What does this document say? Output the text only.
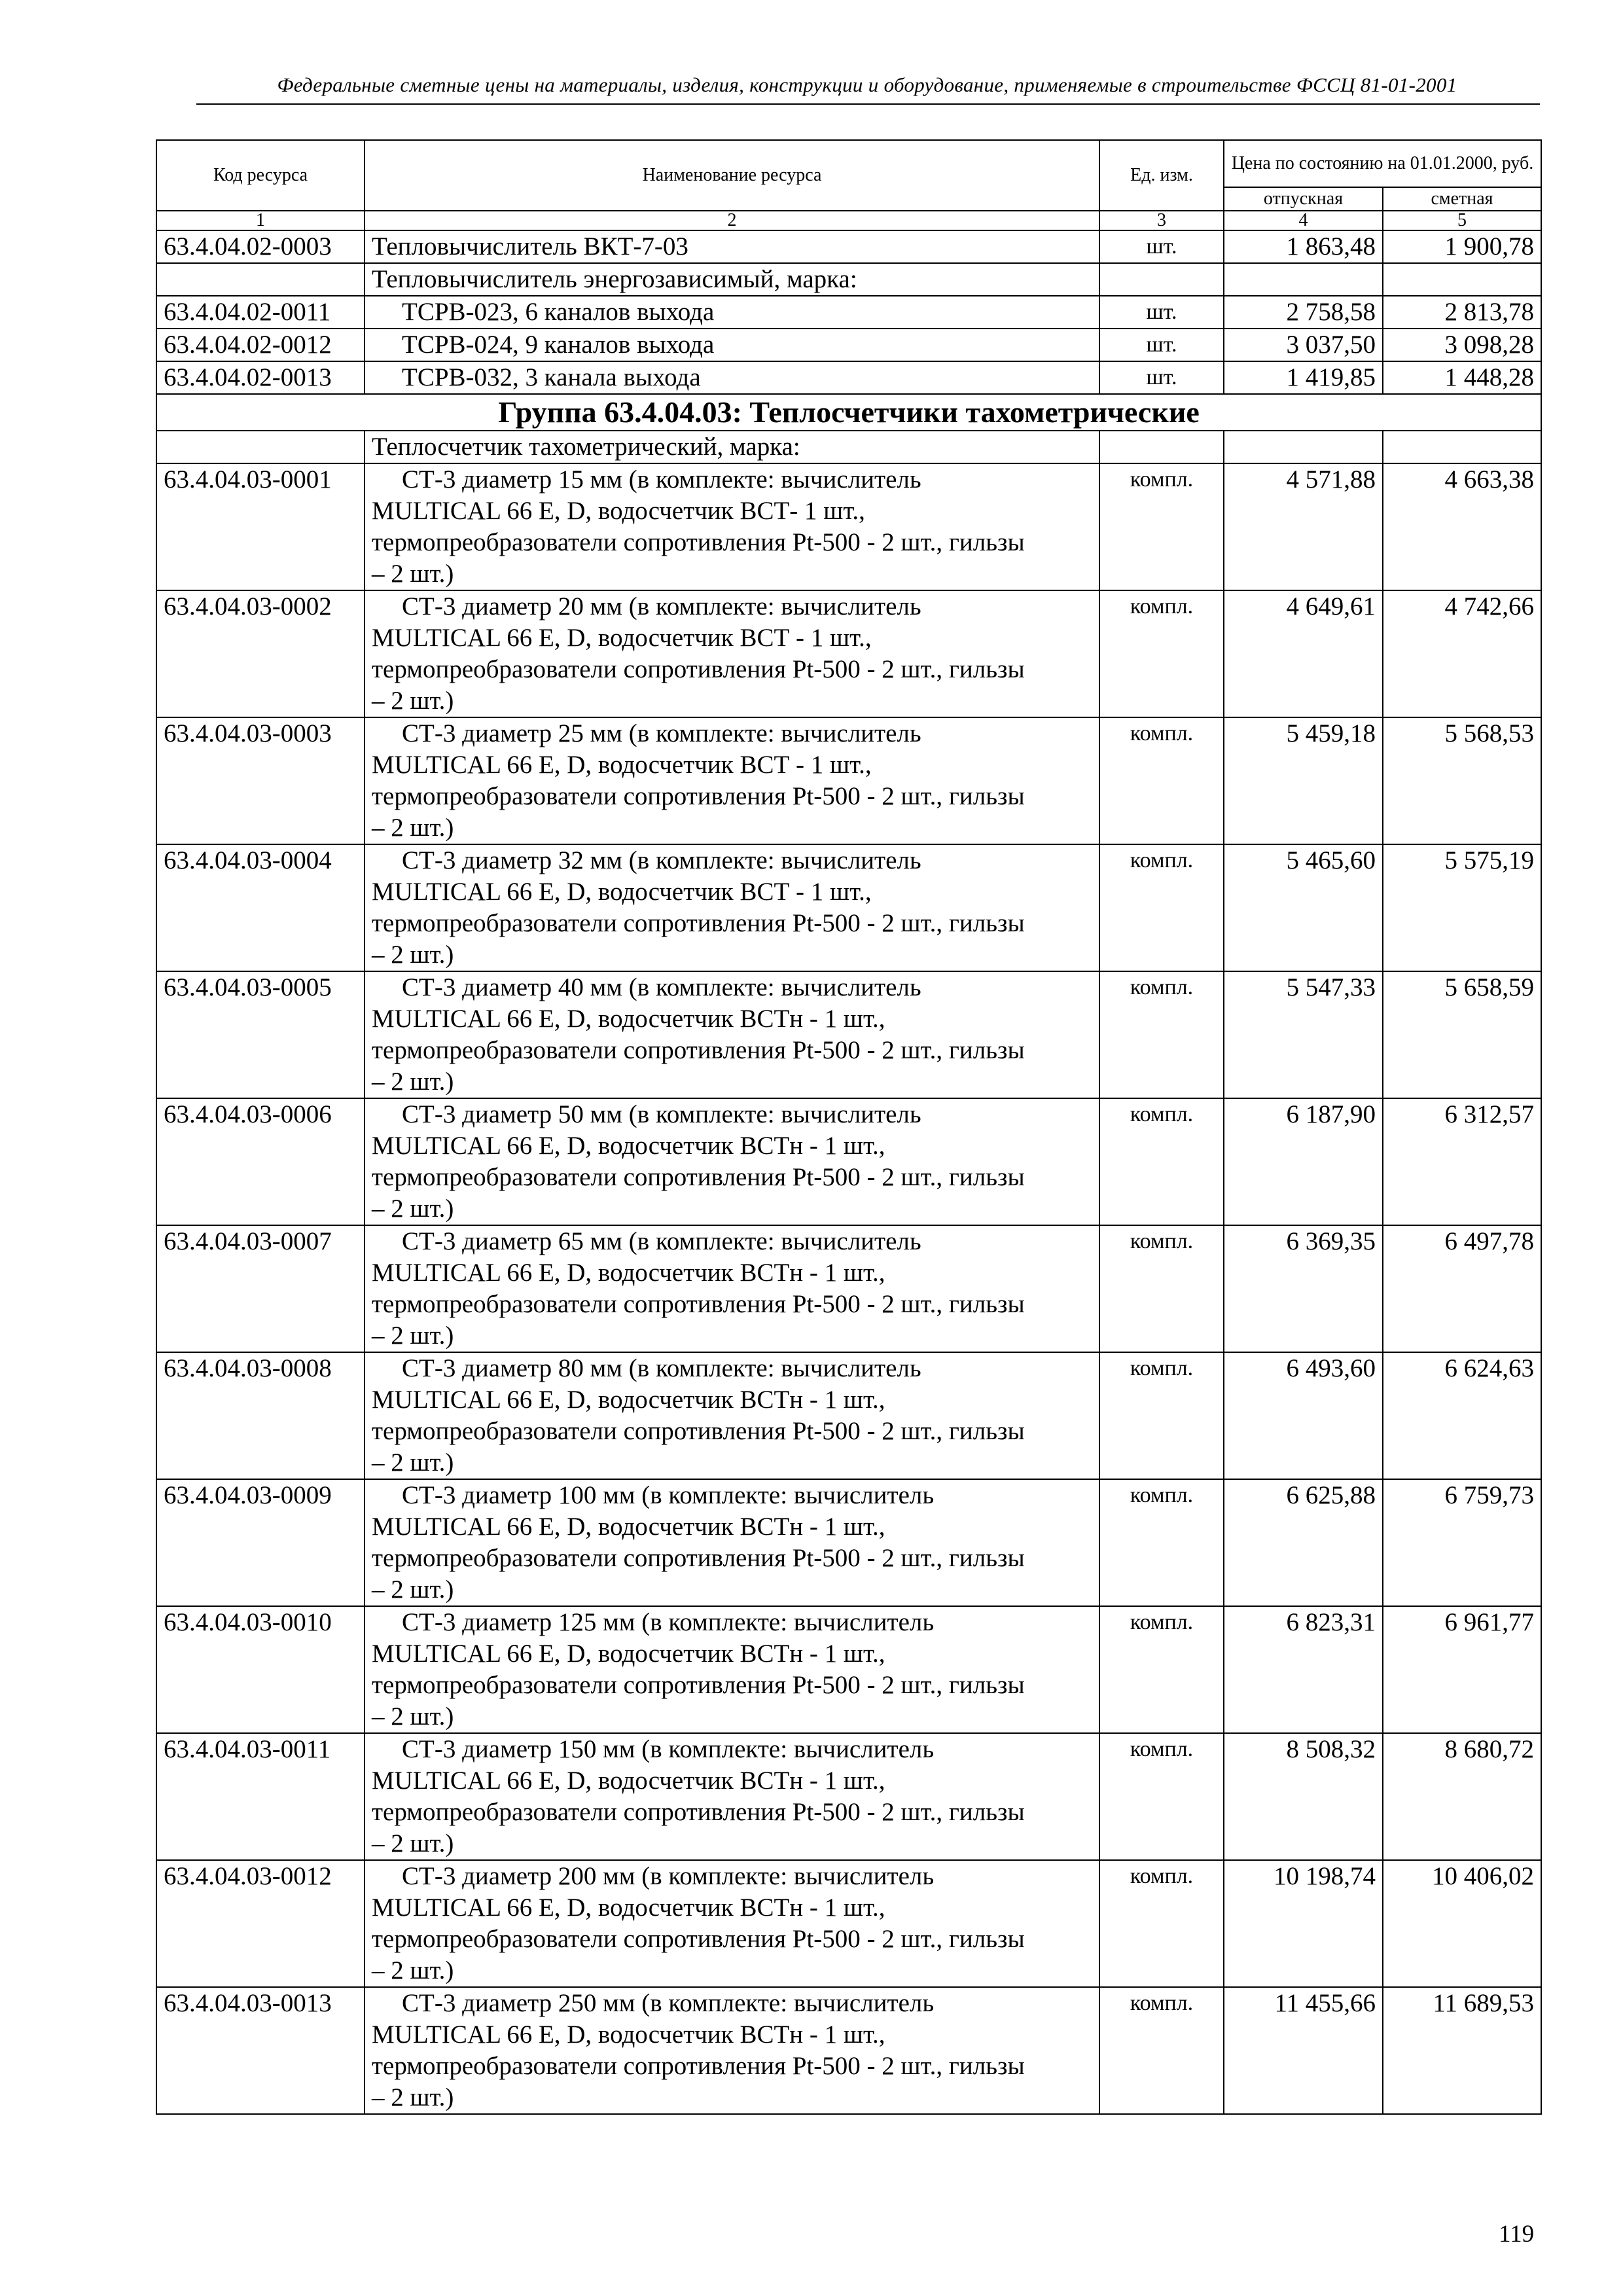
Федеральные сметные цены на материалы, изделия, конструкции и оборудование, применяемые в строительстве ФССЦ 81-01-2001
Код ресурса	Наименование ресурса	Ед. изм.	Цена по состоянию на 01.01.2000, руб.	
			отпускная	сметная
1	2	3	4	5
63.4.04.02-0003	Тепловычислитель ВКТ-7-03	шт.	1 863,48	1 900,78
	Тепловычислитель энергозависимый, марка:			
63.4.04.02-0011	ТСРВ-023, 6 каналов выхода	шт.	2 758,58	2 813,78
63.4.04.02-0012	ТСРВ-024, 9 каналов выхода	шт.	3 037,50	3 098,28
63.4.04.02-0013	ТСРВ-032, 3 канала выхода	шт.	1 419,85	1 448,28
Группа 63.4.04.03: Теплосчетчики тахометрические				
	Теплосчетчик тахометрический, марка:			
63.4.04.03-0001	СТ-3 диаметр 15 мм (в комплекте: вычислитель
MULTICAL 66 E, D, водосчетчик ВСТ- 1 шт.,
термопреобразователи сопротивления Pt-500 - 2 шт., гильзы
– 2 шт.)	компл.	4 571,88	4 663,38
63.4.04.03-0002	СТ-3 диаметр 20 мм (в комплекте: вычислитель
MULTICAL 66 E, D, водосчетчик ВСТ - 1 шт.,
термопреобразователи сопротивления Pt-500 - 2 шт., гильзы
– 2 шт.)	компл.	4 649,61	4 742,66
63.4.04.03-0003	СТ-3 диаметр 25 мм (в комплекте: вычислитель
MULTICAL 66 E, D, водосчетчик ВСТ - 1 шт.,
термопреобразователи сопротивления Pt-500 - 2 шт., гильзы
– 2 шт.)	компл.	5 459,18	5 568,53
63.4.04.03-0004	СТ-3 диаметр 32 мм (в комплекте: вычислитель
MULTICAL 66 E, D, водосчетчик ВСТ - 1 шт.,
термопреобразователи сопротивления Pt-500 - 2 шт., гильзы
– 2 шт.)	компл.	5 465,60	5 575,19
63.4.04.03-0005	СТ-3 диаметр 40 мм (в комплекте: вычислитель
MULTICAL 66 E, D, водосчетчик ВСТн - 1 шт.,
термопреобразователи сопротивления Pt-500 - 2 шт., гильзы
– 2 шт.)	компл.	5 547,33	5 658,59
63.4.04.03-0006	СТ-3 диаметр 50 мм (в комплекте: вычислитель
MULTICAL 66 E, D, водосчетчик ВСТн - 1 шт.,
термопреобразователи сопротивления Pt-500 - 2 шт., гильзы
– 2 шт.)	компл.	6 187,90	6 312,57
63.4.04.03-0007	СТ-3 диаметр 65 мм (в комплекте: вычислитель
MULTICAL 66 E, D, водосчетчик ВСТн - 1 шт.,
термопреобразователи сопротивления Pt-500 - 2 шт., гильзы
– 2 шт.)	компл.	6 369,35	6 497,78
63.4.04.03-0008	СТ-3 диаметр 80 мм (в комплекте: вычислитель
MULTICAL 66 E, D, водосчетчик ВСТн - 1 шт.,
термопреобразователи сопротивления Pt-500 - 2 шт., гильзы
– 2 шт.)	компл.	6 493,60	6 624,63
63.4.04.03-0009	СТ-3 диаметр 100 мм (в комплекте: вычислитель
MULTICAL 66 E, D, водосчетчик ВСТн - 1 шт.,
термопреобразователи сопротивления Pt-500 - 2 шт., гильзы
– 2 шт.)	компл.	6 625,88	6 759,73
63.4.04.03-0010	СТ-3 диаметр 125 мм (в комплекте: вычислитель
MULTICAL 66 E, D, водосчетчик ВСТн - 1 шт.,
термопреобразователи сопротивления Pt-500 - 2 шт., гильзы
– 2 шт.)	компл.	6 823,31	6 961,77
63.4.04.03-0011	СТ-3 диаметр 150 мм (в комплекте: вычислитель
MULTICAL 66 E, D, водосчетчик ВСТн - 1 шт.,
термопреобразователи сопротивления Pt-500 - 2 шт., гильзы
– 2 шт.)	компл.	8 508,32	8 680,72
63.4.04.03-0012	СТ-3 диаметр 200 мм (в комплекте: вычислитель
MULTICAL 66 E, D, водосчетчик ВСТн - 1 шт.,
термопреобразователи сопротивления Pt-500 - 2 шт., гильзы
– 2 шт.)	компл.	10 198,74	10 406,02
63.4.04.03-0013	СТ-3 диаметр 250 мм (в комплекте: вычислитель
MULTICAL 66 E, D, водосчетчик ВСТн - 1 шт.,
термопреобразователи сопротивления Pt-500 - 2 шт., гильзы
– 2 шт.)	компл.	11 455,66	11 689,53
119
